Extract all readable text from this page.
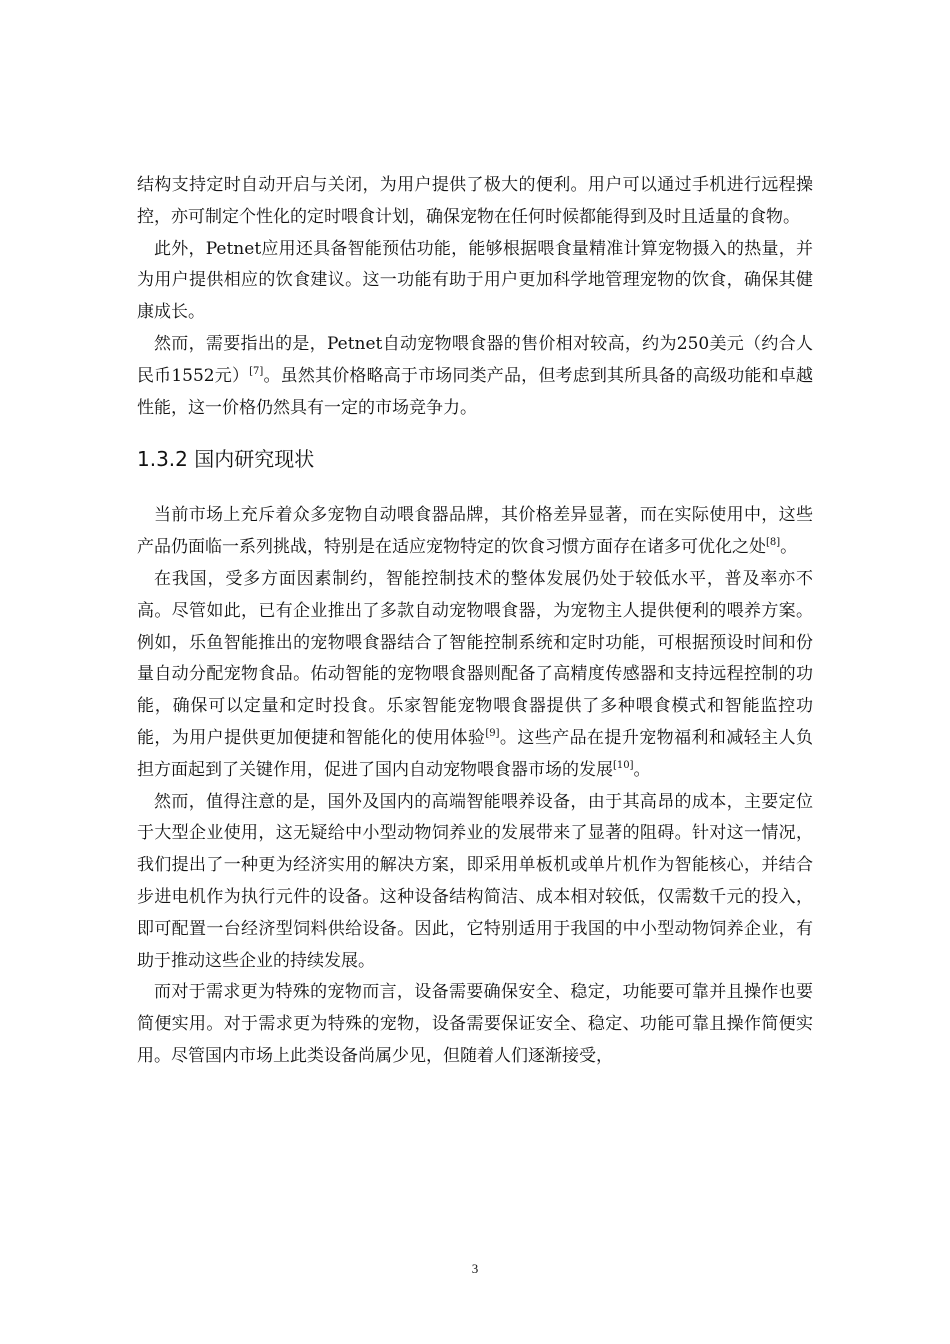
结构支持定时自动开启与关闭，为用户提供了极大的便利。用户可以通过手机进行远程操控，亦可制定个性化的定时喂食计划，确保宠物在任何时候都能得到及时且适量的食物。

此外，Petnet应用还具备智能预估功能，能够根据喂食量精准计算宠物摄入的热量，并为用户提供相应的饮食建议。这一功能有助于用户更加科学地管理宠物的饮食，确保其健康成长。

然而，需要指出的是，Petnet自动宠物喂食器的售价相对较高，约为250美元（约合人民币1552元）[7]。虽然其价格略高于市场同类产品，但考虑到其所具备的高级功能和卓越性能，这一价格仍然具有一定的市场竞争力。

1.3.2 国内研究现状

当前市场上充斥着众多宠物自动喂食器品牌，其价格差异显著，而在实际使用中，这些产品仍面临一系列挑战，特别是在适应宠物特定的饮食习惯方面存在诸多可优化之处[8]。

在我国，受多方面因素制约，智能控制技术的整体发展仍处于较低水平，普及率亦不高。尽管如此，已有企业推出了多款自动宠物喂食器，为宠物主人提供便利的喂养方案。例如，乐鱼智能推出的宠物喂食器结合了智能控制系统和定时功能，可根据预设时间和份量自动分配宠物食品。佑动智能的宠物喂食器则配备了高精度传感器和支持远程控制的功能，确保可以定量和定时投食。乐家智能宠物喂食器提供了多种喂食模式和智能监控功能，为用户提供更加便捷和智能化的使用体验[9]。这些产品在提升宠物福利和减轻主人负担方面起到了关键作用，促进了国内自动宠物喂食器市场的发展[10]。

然而，值得注意的是，国外及国内的高端智能喂养设备，由于其高昂的成本，主要定位于大型企业使用，这无疑给中小型动物饲养业的发展带来了显著的阻碍。针对这一情况，我们提出了一种更为经济实用的解决方案，即采用单板机或单片机作为智能核心，并结合步进电机作为执行元件的设备。这种设备结构简洁、成本相对较低，仅需数千元的投入，即可配置一台经济型饲料供给设备。因此，它特别适用于我国的中小型动物饲养企业，有助于推动这些企业的持续发展。

而对于需求更为特殊的宠物而言，设备需要确保安全、稳定，功能要可靠并且操作也要简便实用。对于需求更为特殊的宠物，设备需要保证安全、稳定、功能可靠且操作简便实用。尽管国内市场上此类设备尚属少见，但随着人们逐渐接受，

3
